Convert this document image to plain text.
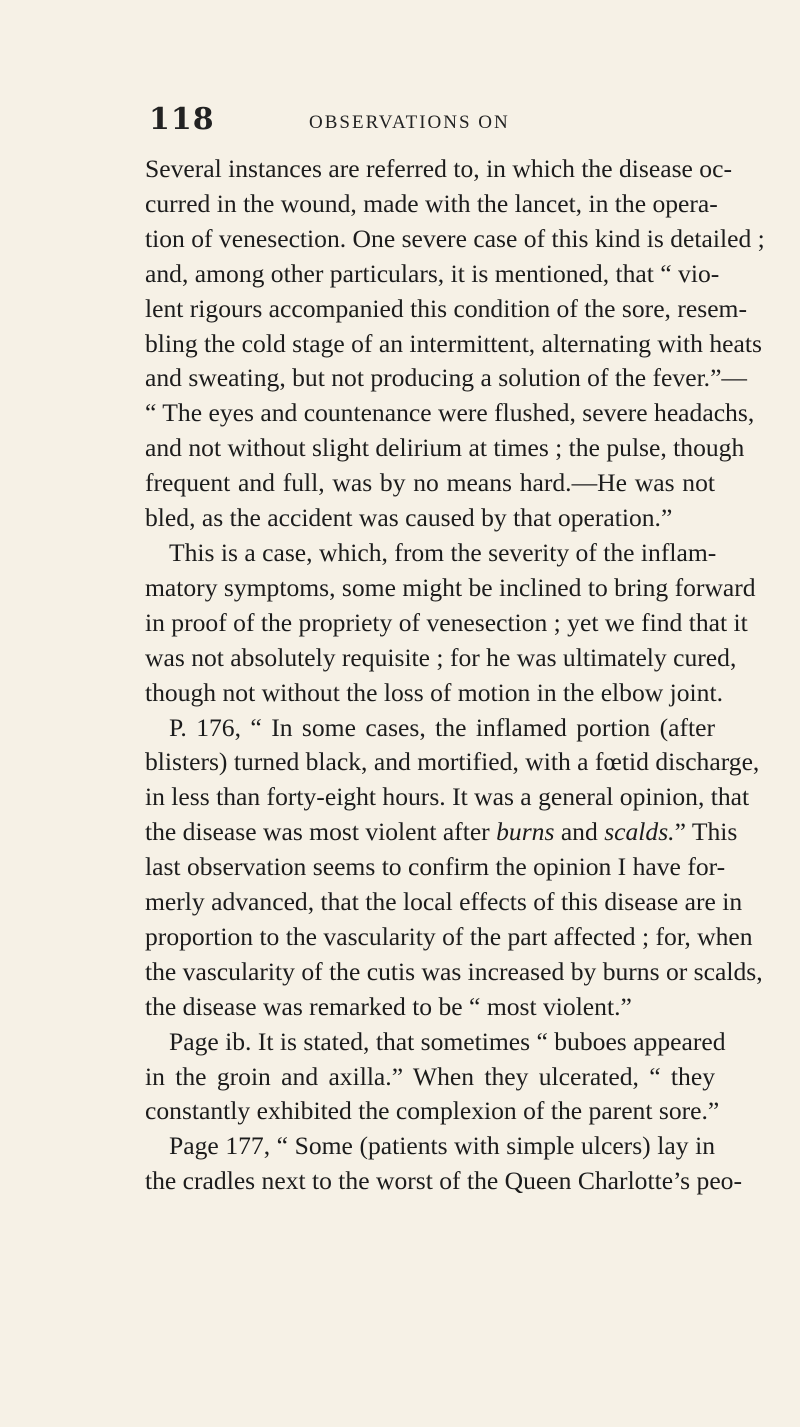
118	OBSERVATIONS ON
Several instances are referred to, in which the disease oc-
curred in the wound, made with the lancet, in the opera-
tion of venesection. One severe case of this kind is detailed ;
and, among other particulars, it is mentioned, that “ vio-
lent rigours accompanied this condition of the sore, resem-
bling the cold stage of an intermittent, alternating with heats
and sweating, but not producing a solution of the fever.”—
“ The eyes and countenance were flushed, severe headachs,
and not without slight delirium at times ; the pulse, though
frequent and full, was by no means hard.—He was not
bled, as the accident was caused by that operation.”
This is a case, which, from the severity of the inflam-
matory symptoms, some might be inclined to bring forward
in proof of the propriety of venesection ; yet we find that it
was not absolutely requisite ; for he was ultimately cured,
though not without the loss of motion in the elbow joint.
P. 176, “ In some cases, the inflamed portion (after
blisters) turned black, and mortified, with a fœtid discharge,
in less than forty-eight hours. It was a general opinion, that
the disease was most violent after burns and scalds.” This
last observation seems to confirm the opinion I have for-
merly advanced, that the local effects of this disease are in
proportion to the vascularity of the part affected ; for, when
the vascularity of the cutis was increased by burns or scalds,
the disease was remarked to be “ most violent.”
Page ib. It is stated, that sometimes “ buboes appeared
in the groin and axilla.” When they ulcerated, “ they
constantly exhibited the complexion of the parent sore.”
Page 177, “ Some (patients with simple ulcers) lay in
the cradles next to the worst of the Queen Charlotte’s peo-
